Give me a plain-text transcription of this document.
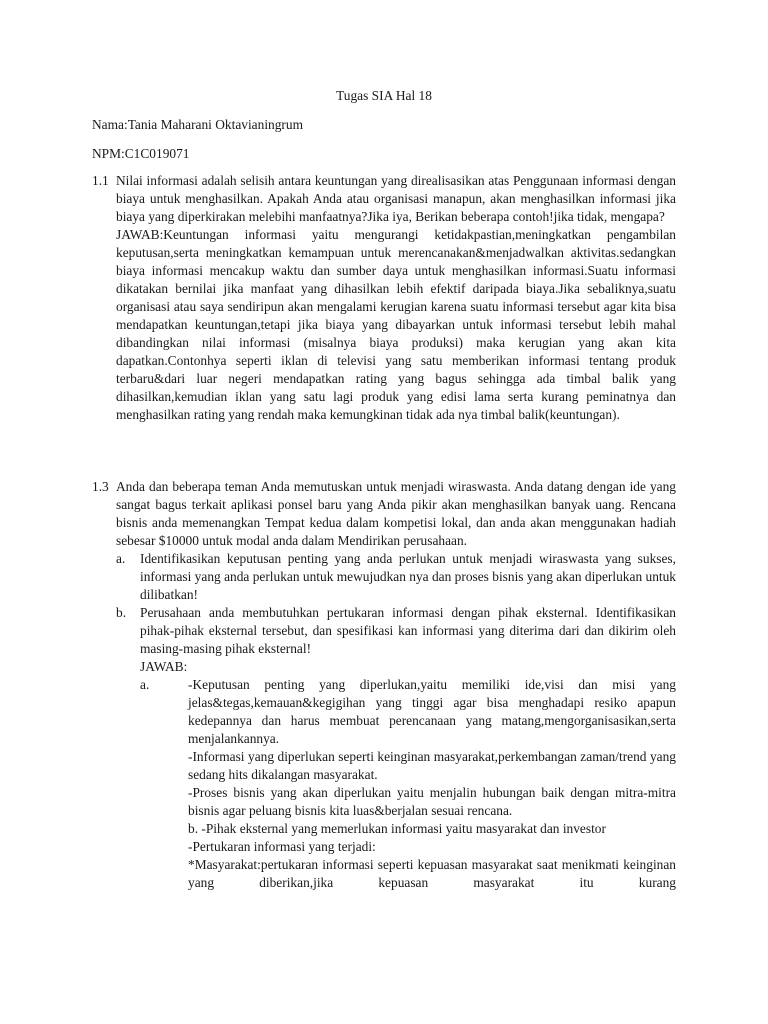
Tugas SIA Hal 18
Nama:Tania Maharani Oktavianingrum
NPM:C1C019071
1.1 Nilai informasi adalah selisih antara keuntungan yang direalisasikan atas Penggunaan informasi dengan biaya untuk menghasilkan. Apakah Anda atau organisasi manapun, akan menghasilkan informasi jika biaya yang diperkirakan melebihi manfaatnya?Jika iya, Berikan beberapa contoh!jika tidak, mengapa?
JAWAB:Keuntungan informasi yaitu mengurangi ketidakpastian,meningkatkan pengambilan keputusan,serta meningkatkan kemampuan untuk merencanakan&menjadwalkan aktivitas.sedangkan biaya informasi mencakup waktu dan sumber daya untuk menghasilkan informasi.Suatu informasi dikatakan bernilai jika manfaat yang dihasilkan lebih efektif daripada biaya.Jika sebaliknya,suatu organisasi atau saya sendiripun akan mengalami kerugian karena suatu informasi tersebut agar kita bisa mendapatkan keuntungan,tetapi jika biaya yang dibayarkan untuk informasi tersebut lebih mahal dibandingkan nilai informasi (misalnya biaya produksi) maka kerugian yang akan kita dapatkan.Contonhya seperti iklan di televisi yang satu memberikan informasi tentang produk terbaru&dari luar negeri mendapatkan rating yang bagus sehingga ada timbal balik yang dihasilkan,kemudian iklan yang satu lagi produk yang edisi lama serta kurang peminatnya dan menghasilkan rating yang rendah maka kemungkinan tidak ada nya timbal balik(keuntungan).
1.3 Anda dan beberapa teman Anda memutuskan untuk menjadi wiraswasta. Anda datang dengan ide yang sangat bagus terkait aplikasi ponsel baru yang Anda pikir akan menghasilkan banyak uang. Rencana bisnis anda memenangkan Tempat kedua dalam kompetisi lokal, dan anda akan menggunakan hadiah sebesar $10000 untuk modal anda dalam Mendirikan perusahaan.
a.	Identifikasikan keputusan penting yang anda perlukan untuk menjadi wiraswasta yang sukses, informasi yang anda perlukan untuk mewujudkan nya dan proses bisnis yang akan diperlukan untuk dilibatkan!
b.	Perusahaan anda membutuhkan pertukaran informasi dengan pihak eksternal. Identifikasikan pihak-pihak eksternal tersebut, dan spesifikasi kan informasi yang diterima dari dan dikirim oleh masing-masing pihak eksternal!
JAWAB:
a.	-Keputusan penting yang diperlukan,yaitu memiliki ide,visi dan misi yang jelas&tegas,kemauan&kegigihan yang tinggi agar bisa menghadapi resiko apapun kedepannya dan harus membuat perencanaan yang matang,mengorganisasikan,serta menjalankannya.
-Informasi yang diperlukan seperti keinginan masyarakat,perkembangan zaman/trend yang sedang hits dikalangan masyarakat.
-Proses bisnis yang akan diperlukan yaitu menjalin hubungan baik dengan mitra-mitra bisnis agar peluang bisnis kita luas&berjalan sesuai rencana.
b. -Pihak eksternal yang memerlukan informasi yaitu masyarakat dan investor
-Pertukaran informasi yang terjadi:
*Masyarakat:pertukaran informasi seperti kepuasan masyarakat saat menikmati keinginan yang diberikan,jika kepuasan masyarakat itu kurang
